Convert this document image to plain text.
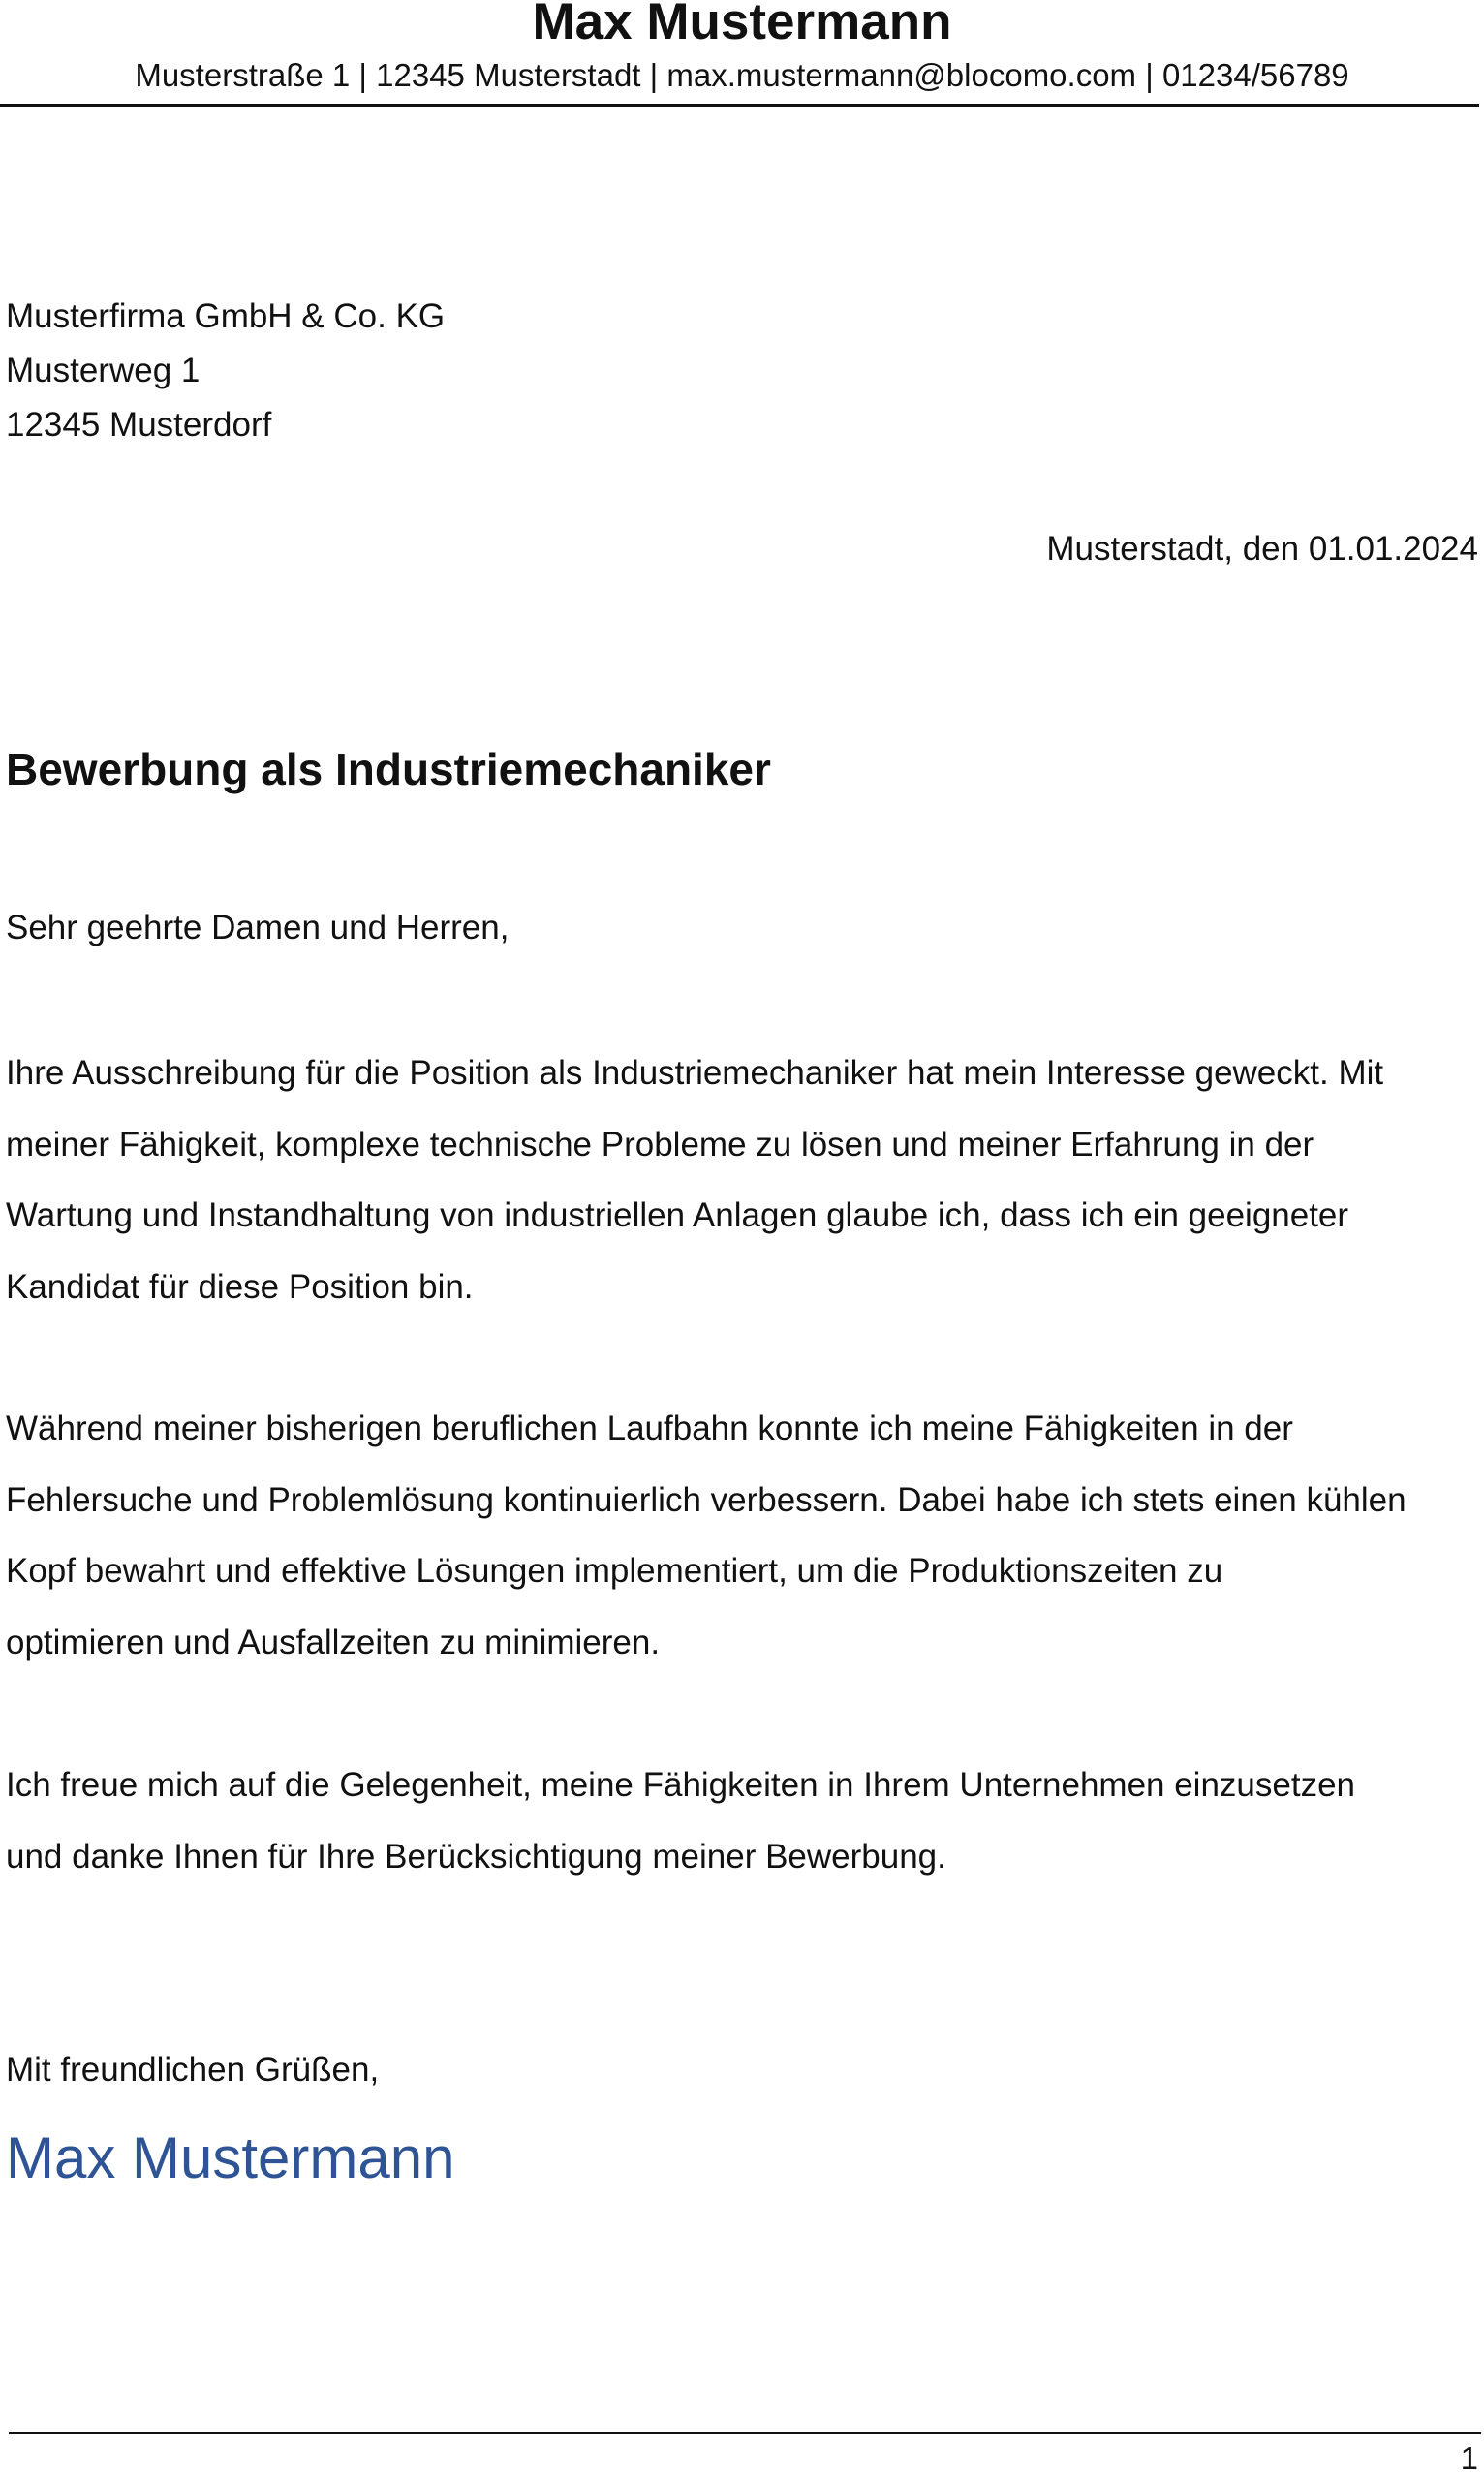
Max Mustermann
Musterstraße 1 | 12345 Musterstadt | max.mustermann@blocomo.com | 01234/56789
Musterfirma GmbH & Co. KG
Musterweg 1
12345 Musterdorf
Musterstadt, den 01.01.2024
Bewerbung als Industriemechaniker
Sehr geehrte Damen und Herren,
Ihre Ausschreibung für die Position als Industriemechaniker hat mein Interesse geweckt. Mit
meiner Fähigkeit, komplexe technische Probleme zu lösen und meiner Erfahrung in der
Wartung und Instandhaltung von industriellen Anlagen glaube ich, dass ich ein geeigneter
Kandidat für diese Position bin.
Während meiner bisherigen beruflichen Laufbahn konnte ich meine Fähigkeiten in der
Fehlersuche und Problemlösung kontinuierlich verbessern. Dabei habe ich stets einen kühlen
Kopf bewahrt und effektive Lösungen implementiert, um die Produktionszeiten zu
optimieren und Ausfallzeiten zu minimieren.
Ich freue mich auf die Gelegenheit, meine Fähigkeiten in Ihrem Unternehmen einzusetzen
und danke Ihnen für Ihre Berücksichtigung meiner Bewerbung.
Mit freundlichen Grüßen,
Max Mustermann
1
